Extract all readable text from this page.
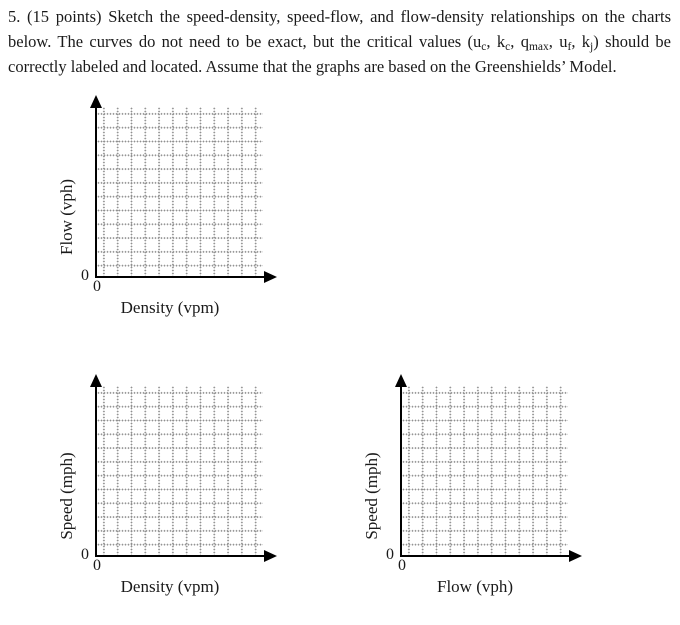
5. (15 points) Sketch the speed-density, speed-flow, and flow-density relationships on the charts below. The curves do not need to be exact, but the critical values ($u_c$, $k_c$, $q_{max}$, $u_f$, $k_j$) should be correctly labeled and located. Assume that the graphs are based on the Greenshields’ Model.

Flow (vph)
0
0
Density (vpm)
Speed (mph)
0
0
Density (vpm)
Speed (mph)
0
0
Flow (vph)
